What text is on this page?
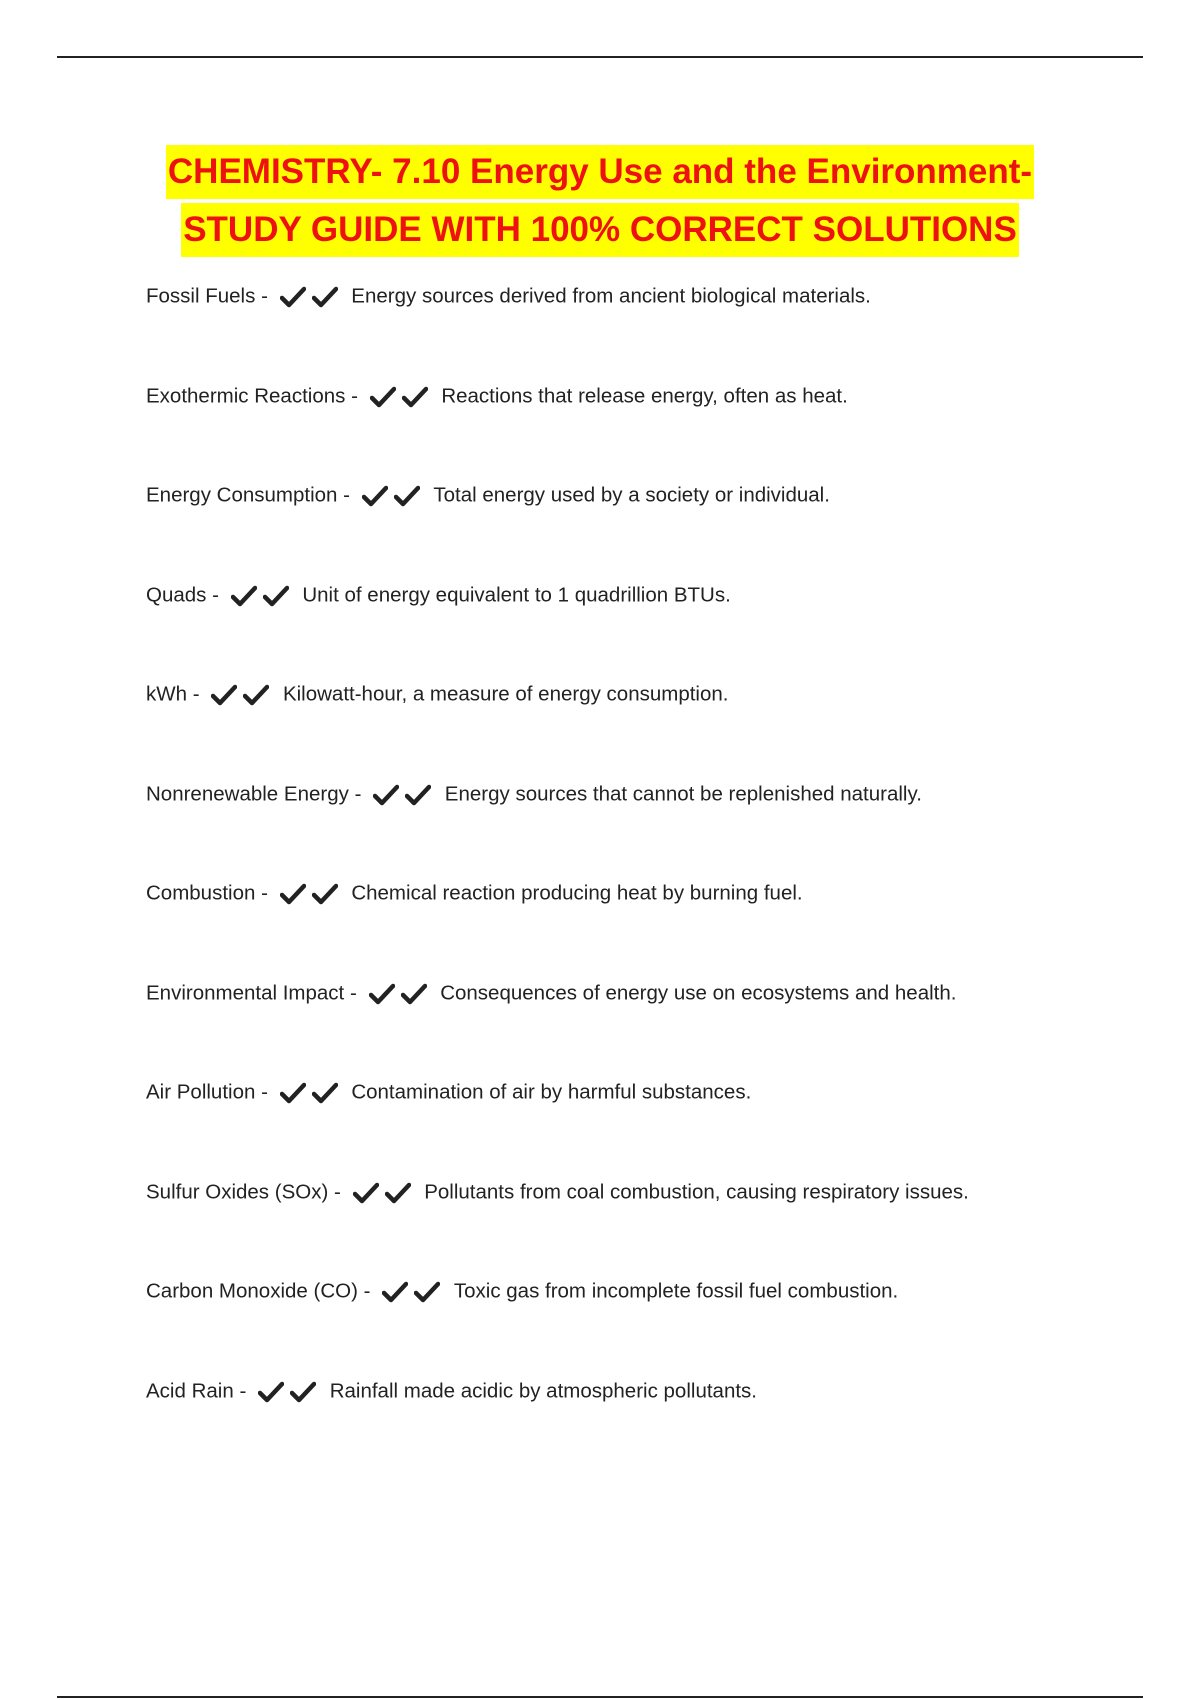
CHEMISTRY- 7.10 Energy Use and the Environment-
STUDY GUIDE WITH 100% CORRECT SOLUTIONS
Fossil Fuels -	Energy sources derived from ancient biological materials.
Exothermic Reactions -	Reactions that release energy, often as heat.
Energy Consumption -	Total energy used by a society or individual.
Quads -	Unit of energy equivalent to 1 quadrillion BTUs.
kWh -	Kilowatt-hour, a measure of energy consumption.
Nonrenewable Energy -	Energy sources that cannot be replenished naturally.
Combustion -	Chemical reaction producing heat by burning fuel.
Environmental Impact -	Consequences of energy use on ecosystems and health.
Air Pollution -	Contamination of air by harmful substances.
Sulfur Oxides (SOx) -	Pollutants from coal combustion, causing respiratory issues.
Carbon Monoxide (CO) -	Toxic gas from incomplete fossil fuel combustion.
Acid Rain -	Rainfall made acidic by atmospheric pollutants.
